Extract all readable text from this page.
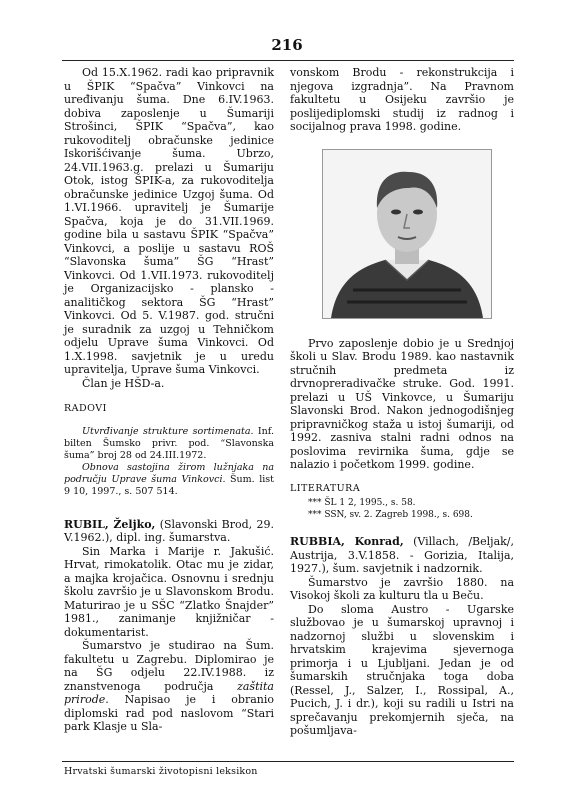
216

Od 15.X.1962. radi kao pripravnik u ŠPIK “Spačva” Vinkovci na uređivanju šuma. Dne 6.IV.1963. dobiva zaposlenje u Šumariji Strošinci, ŠPIK “Spačva”, kao rukovoditelj obračunske jedinice Iskorišćivanje šuma. Ubrzo, 24.VII.1963.g. prelazi u Šumariju Otok, istog ŠPIK-a, za rukovoditelja obračunske jedinice Uzgoj šuma. Od 1.VI.1966. upravitelj je Šumarije Spačva, koja je do 31.VII.1969. godine bila u sastavu ŠPIK “Spačva” Vinkovci, a poslije u sastavu ROŠ “Slavonska šuma” ŠG “Hrast” Vinkovci. Od 1.VII.1973. rukovoditelj je Organizacijsko - plansko - analitičkog sektora ŠG “Hrast” Vinkovci. Od 5. V.1987. god. stručni je suradnik za uzgoj u Tehničkom odjelu Uprave šuma Vinkovci. Od 1.X.1998. savjetnik je u uredu upravitelja, Uprave šuma Vinkovci.

Član je HŠD-a.

RADOVI

Utvrđivanje strukture sortimenata. Inf. bilten Šumsko privr. pod. “Slavonska šuma” broj 28 od 24.III.1972.

Obnova sastojina žirom lužnjaka na području Uprave šuma Vinkovci. Šum. list 9 10, 1997., s. 507 514.

RUBIL, Željko, (Slavonski Brod, 29. V.1962.), dipl. ing. šumarstva.

Sin Marka i Marije r. Jakušić. Hrvat, rimokatolik. Otac mu je zidar, a majka krojačica. Osnovnu i srednju školu završio je u Slavonskom Brodu. Maturirao je u SŠC “Zlatko Šnajder” 1981., zanimanje knjižničar - dokumentarist.

Šumarstvo je studirao na Šum. fakultetu u Zagrebu. Diplomirao je na ŠG odjelu 22.IV.1988. iz znanstvenoga područja zaštita prirode. Napisao je i obranio diplomski rad pod naslovom “Stari park Klasje u Sla-

vonskom Brodu - rekonstrukcija i njegova izgradnja”. Na Pravnom fakultetu u Osijeku završio je poslijediplomski studij iz radnog i socijalnog prava 1998. godine.

Prvo zaposlenje dobio je u Srednjoj školi u Slav. Brodu 1989. kao nastavnik stručnih predmeta iz drvnopreradivačke struke. God. 1991. prelazi u UŠ Vinkovce, u Šumariju Slavonski Brod. Nakon jednogodišnjeg pripravničkog staža u istoj šumariji, od 1992. zasniva stalni radni odnos na poslovima revirnika šuma, gdje se nalazio i početkom 1999. godine.

LITERATURA
*** ŠL 1 2, 1995., s. 58.
*** SSN, sv. 2. Zagreb 1998., s. 698.

RUBBIA, Konrad, (Villach, /Beljak/, Austrija, 3.V.1858. - Gorizia, Italija, 1927.), šum. savjetnik i nadzornik.

Šumarstvo je završio 1880. na Visokoj školi za kulturu tla u Beču.

Do sloma Austro - Ugarske službovao je u šumarskoj upravnoj i nadzornoj službi u slovenskim i hrvatskim krajevima sjevernoga primorja i u Ljubljani. Jedan je od šumarskih stručnjaka toga doba (Ressel, J., Salzer, I., Rossipal, A., Pucich, J. i dr.), koji su radili u Istri na sprečavanju prekomjernih sječa, na pošumljava-

Hrvatski šumarski životopisni leksikon
